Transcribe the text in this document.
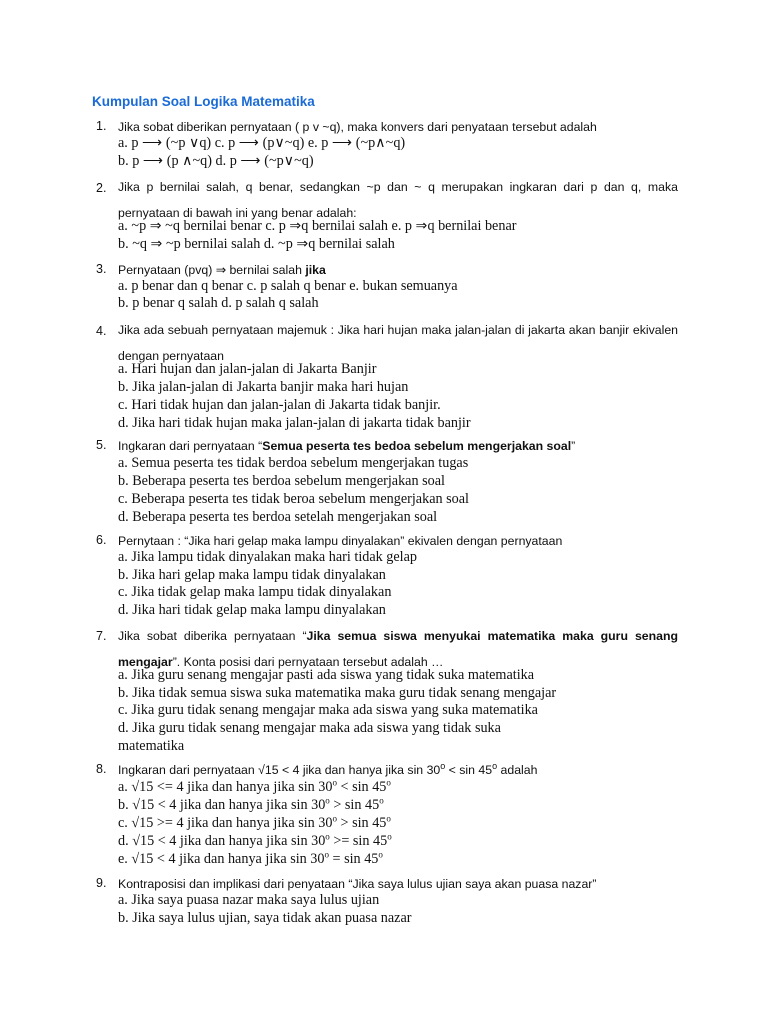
Kumpulan Soal Logika Matematika
1. Jika sobat diberikan pernyataan ( p v ~q), maka konvers dari penyataan tersebut adalah

a. p ⟶ (~p ∨q) c. p ⟶ (p∨~q) e. p ⟶ (~p∧~q)
b. p ⟶ (p ∧~q) d. p ⟶ (~p∨~q)
2. Jika p bernilai salah, q benar, sedangkan ~p dan ~ q merupakan ingkaran dari p dan q, maka pernyataan di bawah ini yang benar adalah:

a. ~p ⇒ ~q bernilai benar c. p ⇒q bernilai salah e. p ⇒q bernilai benar
b. ~q ⇒ ~p bernilai salah d. ~p ⇒q bernilai salah
3. Pernyataan (pvq) ⇒ bernilai salah jika

a. p benar dan q benar c. p salah q benar e. bukan semuanya
b. p benar q salah d. p salah q salah
4. Jika ada sebuah pernyataan majemuk : Jika hari hujan maka jalan-jalan di jakarta akan banjir ekivalen dengan pernyataan

a. Hari hujan dan jalan-jalan di Jakarta Banjir
b. Jika jalan-jalan di Jakarta banjir maka hari hujan
c. Hari tidak hujan dan jalan-jalan di Jakarta tidak banjir.
d. Jika hari tidak hujan maka jalan-jalan di jakarta tidak banjir
5. Ingkaran dari pernyataan “Semua peserta tes bedoa sebelum mengerjakan soal”

a. Semua peserta tes tidak berdoa sebelum mengerjakan tugas
b. Beberapa peserta tes berdoa sebelum mengerjakan soal
c. Beberapa peserta tes tidak beroa sebelum mengerjakan soal
d. Beberapa peserta tes berdoa setelah mengerjakan soal
6. Pernytaan : “Jika hari gelap maka lampu dinyalakan” ekivalen dengan pernyataan

a. Jika lampu tidak dinyalakan maka hari tidak gelap
b. Jika hari gelap maka lampu tidak dinyalakan
c. Jika tidak gelap maka lampu tidak dinyalakan
d. Jika hari tidak gelap maka lampu dinyalakan
7. Jika sobat diberika pernyataan “Jika semua siswa menyukai matematika maka guru senang mengajar”. Konta posisi dari pernyataan tersebut adalah …

a. Jika guru senang mengajar pasti ada siswa yang tidak suka matematika
b. Jika tidak semua siswa suka matematika maka guru tidak senang mengajar
c. Jika guru tidak senang mengajar maka ada siswa yang suka matematika
d. Jika guru tidak senang mengajar maka ada siswa yang tidak suka
matematika
8. Ingkaran dari pernyataan √15 < 4 jika dan hanya jika $\sin 30^o < \sin 45^o$ adalah

a. √15 <= 4 jika dan hanya jika $\sin 30^o < \sin 45^o$
b. √15 < 4 jika dan hanya jika $\sin 30^o > \sin 45^o$
c. √15 >= 4 jika dan hanya jika $\sin 30^o > \sin 45^o$
d. √15 < 4 jika dan hanya jika $\sin 30^o >= \sin 45^o$
e. √15 < 4 jika dan hanya jika $\sin 30^o = \sin 45^o$
9. Kontraposisi dan implikasi dari penyataan “Jika saya lulus ujian saya akan puasa nazar”

a. Jika saya puasa nazar maka saya lulus ujian
b. Jika saya lulus ujian, saya tidak akan puasa nazar
